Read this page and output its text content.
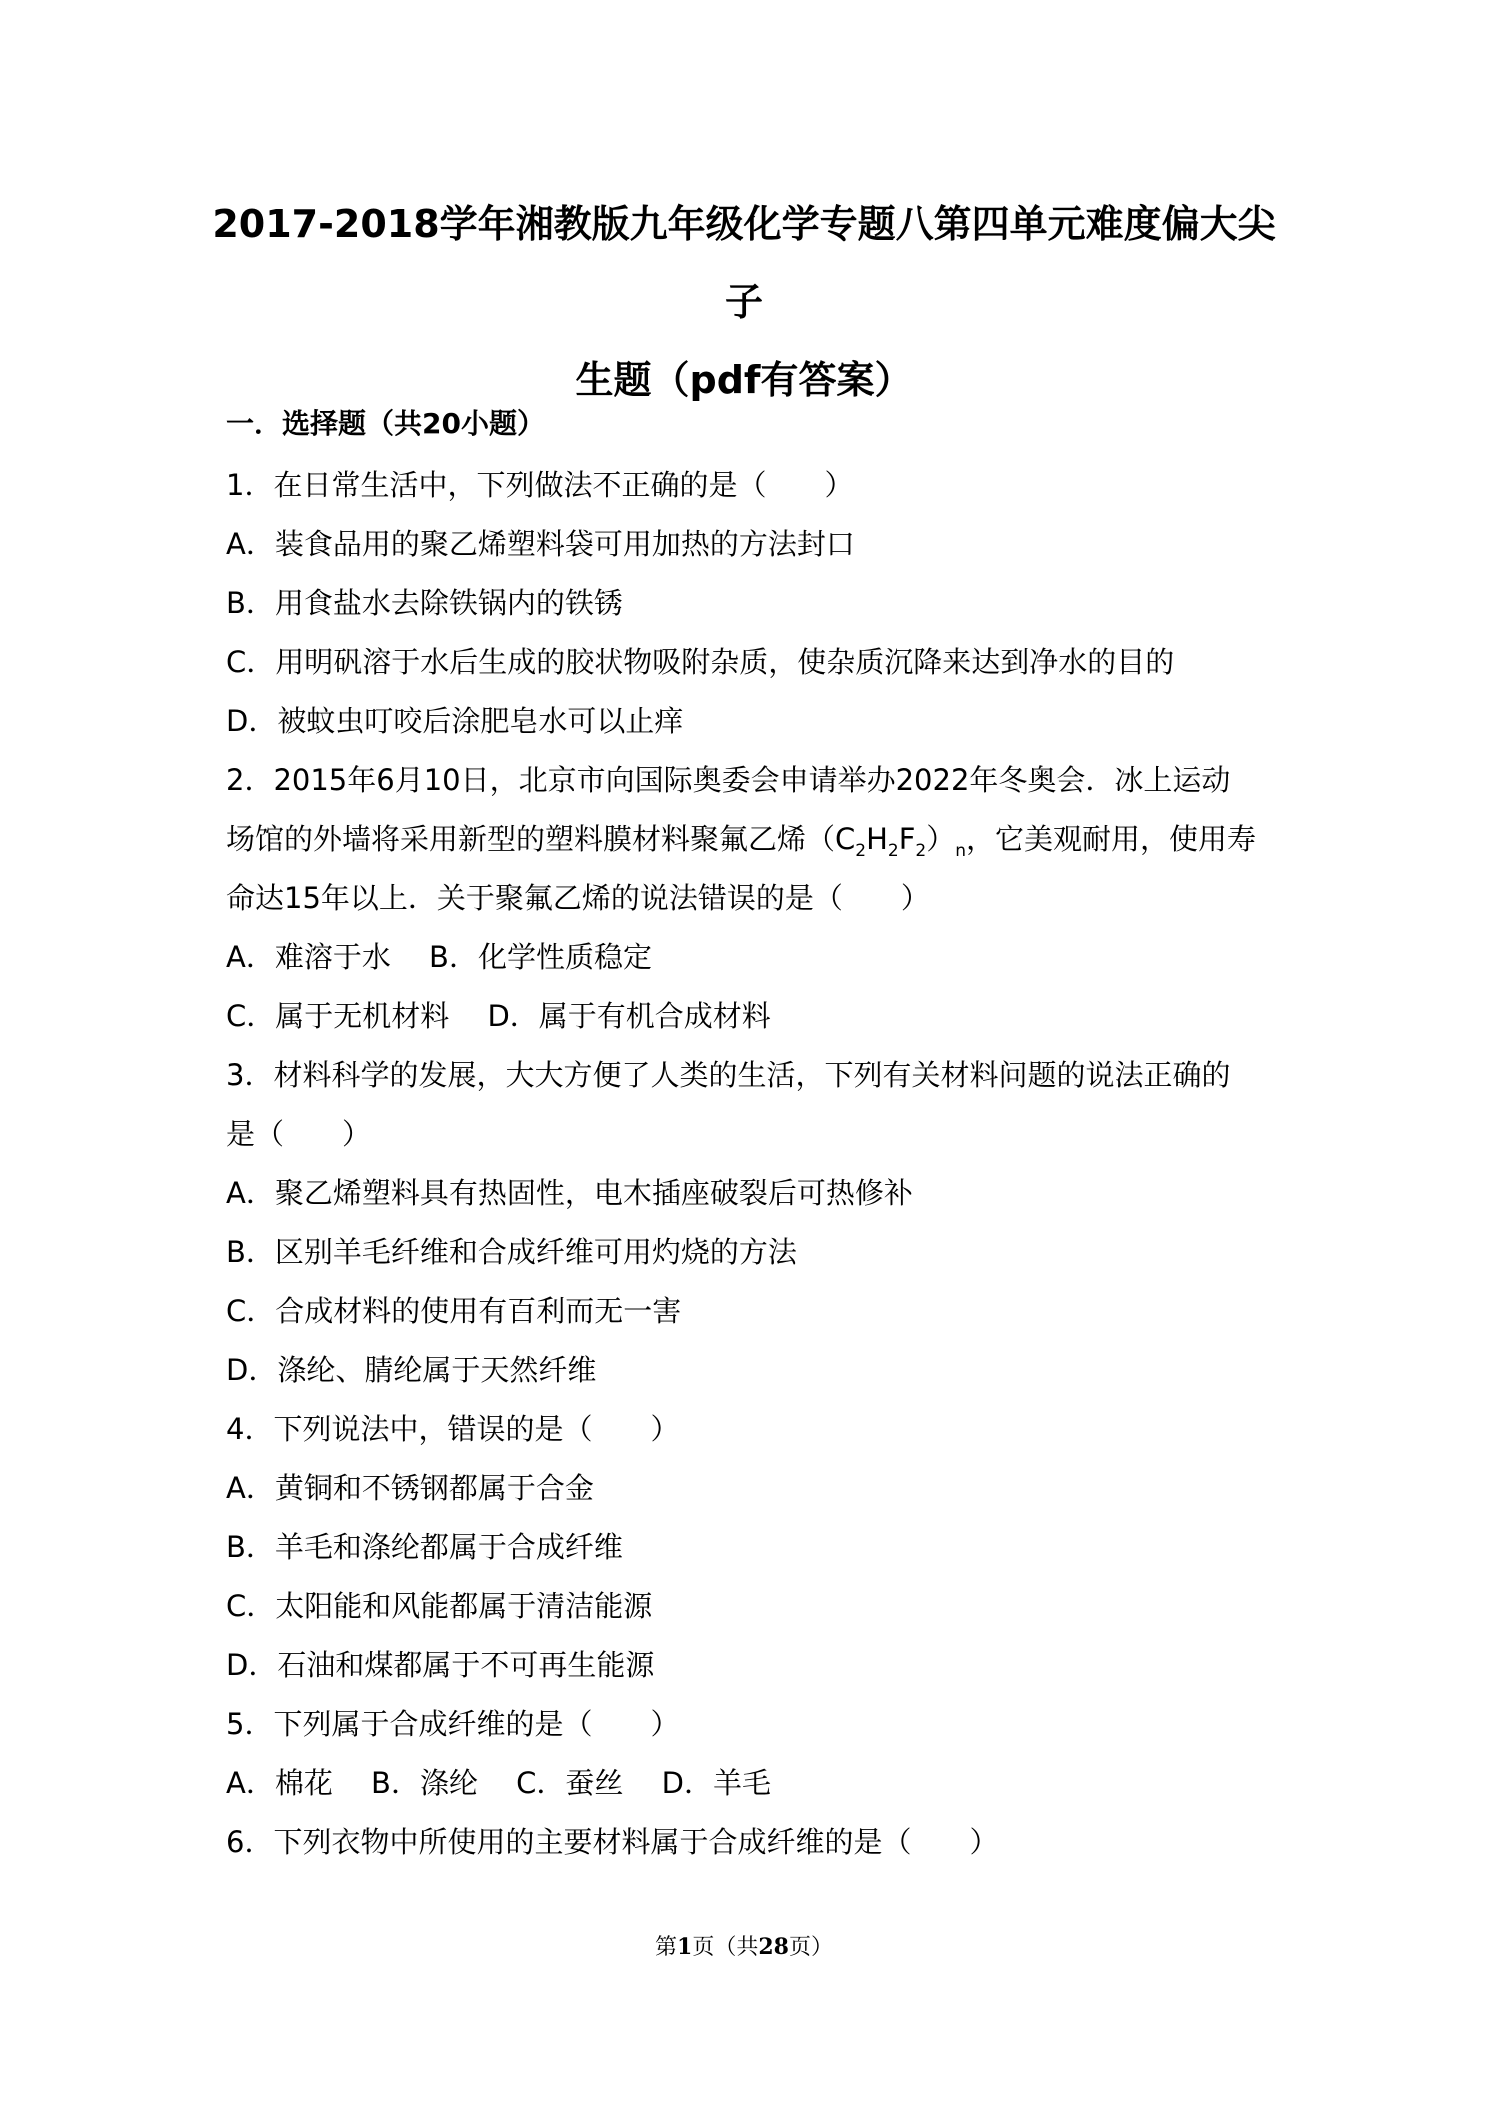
2017-2018学年湘教版九年级化学专题八第四单元难度偏大尖子
生题（pdf有答案）
一．选择题（共20小题）
1．在日常生活中，下列做法不正确的是（　　）
A．装食品用的聚乙烯塑料袋可用加热的方法封口
B．用食盐水去除铁锅内的铁锈
C．用明矾溶于水后生成的胶状物吸附杂质，使杂质沉降来达到净水的目的
D．被蚊虫叮咬后涂肥皂水可以止痒
2．2015年6月10日，北京市向国际奥委会申请举办2022年冬奥会．冰上运动
场馆的外墙将采用新型的塑料膜材料聚氟乙烯$(C_2H_2F_2)_n$，它美观耐用，使用寿
命达15年以上．关于聚氟乙烯的说法错误的是（　　）
A．难溶于水　 B．化学性质稳定
C．属于无机材料　 D．属于有机合成材料
3．材料科学的发展，大大方便了人类的生活，下列有关材料问题的说法正确的
是（　　）
A．聚乙烯塑料具有热固性，电木插座破裂后可热修补
B．区别羊毛纤维和合成纤维可用灼烧的方法
C．合成材料的使用有百利而无一害
D．涤纶、腈纶属于天然纤维
4．下列说法中，错误的是（　　）
A．黄铜和不锈钢都属于合金
B．羊毛和涤纶都属于合成纤维
C．太阳能和风能都属于清洁能源
D．石油和煤都属于不可再生能源
5．下列属于合成纤维的是（　　）
A．棉花　 B．涤纶　 C．蚕丝　 D．羊毛
6．下列衣物中所使用的主要材料属于合成纤维的是（　　）
第1页（共28页）
